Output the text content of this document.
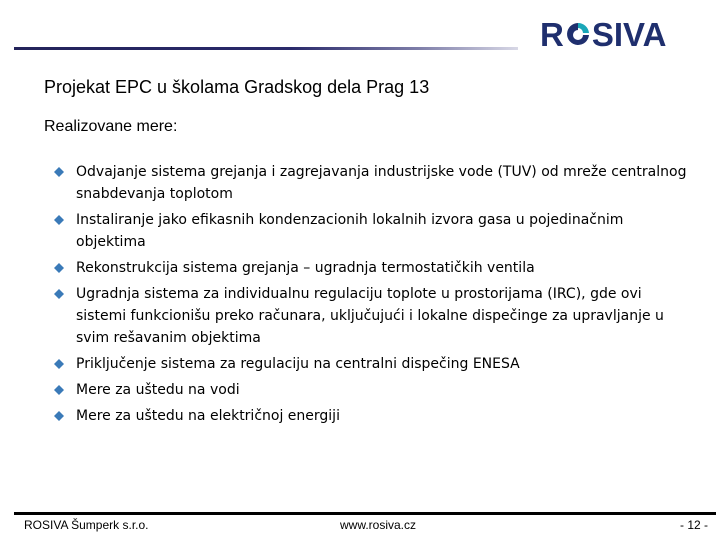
R SIVA
Projekat EPC u školama Gradskog dela Prag 13
Realizovane mere:
Odvajanje sistema grejanja i zagrejavanja industrijske vode (TUV) od mreže centralnog snabdevanja toplotom
Instaliranje jako efikasnih kondenzacionih lokalnih izvora gasa u pojedinačnim objektima
Rekonstrukcija sistema grejanja – ugradnja termostatičkih ventila
Ugradnja sistema za individualnu regulaciju toplote u prostorijama (IRC), gde ovi sistemi funkcionišu preko računara, uključujući i lokalne dispečinge za upravljanje u svim rešavanim objektima
Priključenje sistema za regulaciju na centralni dispečing ENESA
Mere za uštedu na vodi
Mere za uštedu na električnoj energiji
ROSIVA Šumperk s.r.o.	www.rosiva.cz	- 12 -
